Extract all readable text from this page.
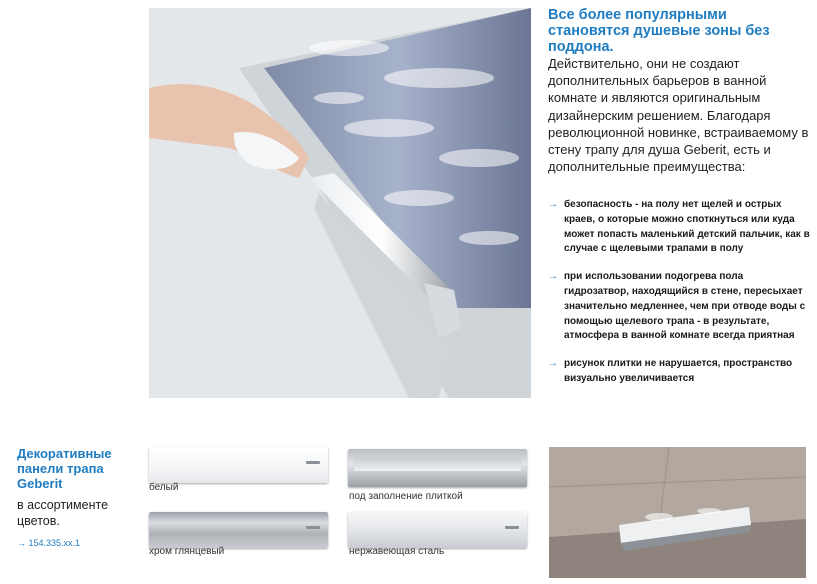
Все более популярными становятся душевые зоны без поддона.
Действительно, они не создают дополнительных барьеров в ванной комнате и являются оригинальным дизайнерским решением. Благодаря революционной новинке, встраиваемому в стену трапу для душа Geberit, есть и дополнительные преимущества:
→ безопасность - на полу нет щелей и острых краев, о которые можно споткнуться или куда может попасть маленький детский пальчик, как в случае с щелевыми трапами в полу
→ при использовании подогрева пола гидрозатвор, находящийся в стене, пересыхает значительно медленнее, чем при отводе воды с помощью щелевого трапа - в результате, атмосфера в ванной комнате всегда приятная
→ рисунок плитки не нарушается, пространство визуально увеличивается
Декоративные панели трапа Geberit
в ассортименте цветов.
→ 154.335.xx.1
белый
под заполнение плиткой
хром глянцевый	нержавеющая сталь
